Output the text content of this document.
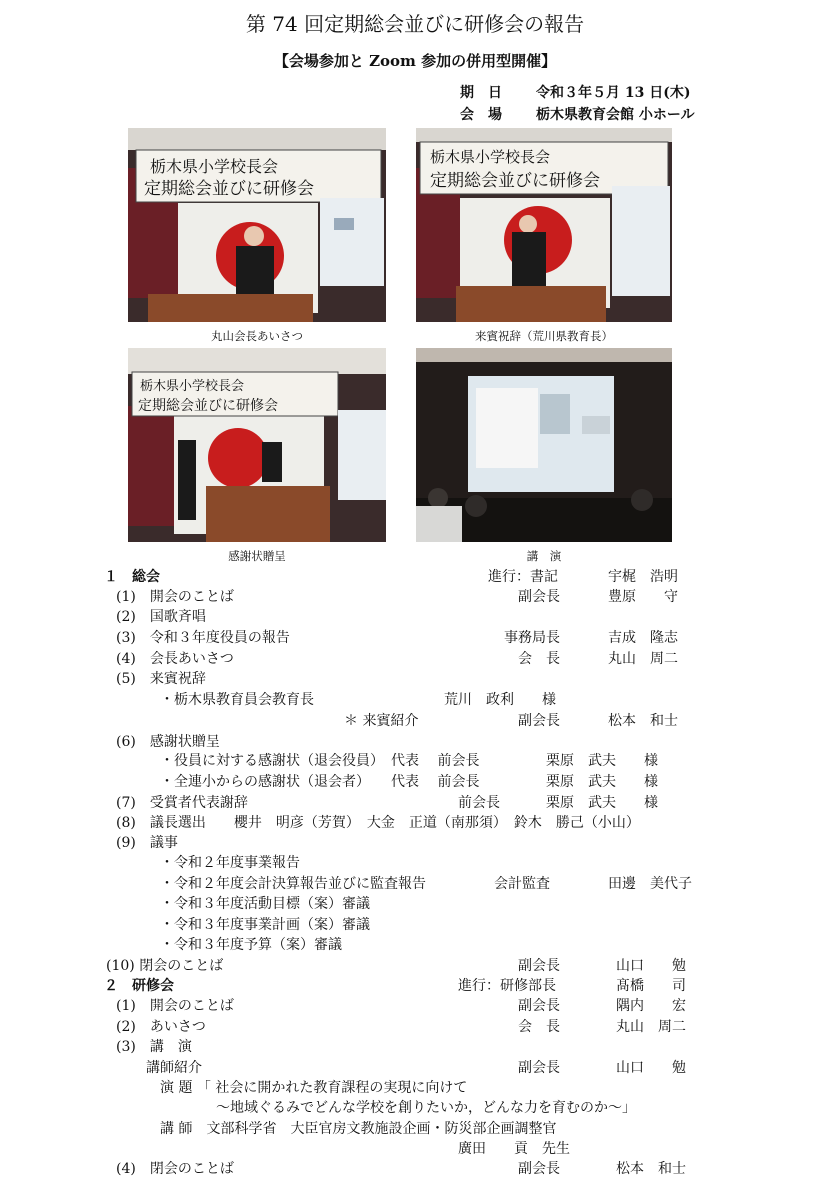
第 74 回定期総会並びに研修会の報告
【会場参加と Zoom 参加の併用型開催】
期　日 令和３年５月 13 日(木)
会　場 栃木県教育会館 小ホール
栃木県小学校長会
定期総会並びに研修会
丸山会長あいさつ
栃木県小学校長会
定期総会並びに研修会
来賓祝辞（荒川県教育長）
栃木県小学校長会
定期総会並びに研修会
感謝状贈呈	講　演
１　総会	進行：書記	宇梶　浩明
(1)　開会のことば	副会長	豊原　　守
(2)　国歌斉唱
(3)　令和３年度役員の報告	事務局長	吉成　隆志
(4)　会長あいさつ	会　長	丸山　周二
(5)　来賓祝辞
・栃木県教育員会教育長	荒川　政利　　様
＊ 来賓紹介	副会長	松本　和士
(6)　感謝状贈呈
・役員に対する感謝状（退会役員）　代表　 前会長	栗原　武夫　　様
・全連小からの感謝状（退会者）　　代表　 前会長	栗原　武夫　　様
(7)　受賞者代表謝辞	前会長	栗原　武夫　　様
(8)　議長選出　　櫻井　明彦（芳賀）　大金　正道（南那須）　鈴木　勝己（小山）
(9)　議事
・令和２年度事業報告
・令和２年度会計決算報告並びに監査報告	会計監査	田邊　美代子
・令和３年度活動目標（案）審議
・令和３年度事業計画（案）審議
・令和３年度予算（案）審議
(10) 閉会のことば	副会長	山口　　勉
２　研修会	進行：研修部長	髙橋　　司
(1)　開会のことば	副会長	隅内　　宏
(2)　あいさつ	会　長	丸山　周二
(3)　講　演
講師紹介	副会長	山口　　勉
演 題 「 社会に開かれた教育課程の実現に向けて
〜地域ぐるみでどんな学校を創りたいか，どんな力を育むのか〜」
講 師　文部科学省　大臣官房文教施設企画・防災部企画調整官
廣田　　貢　先生
(4)　閉会のことば	副会長	松本　和士
